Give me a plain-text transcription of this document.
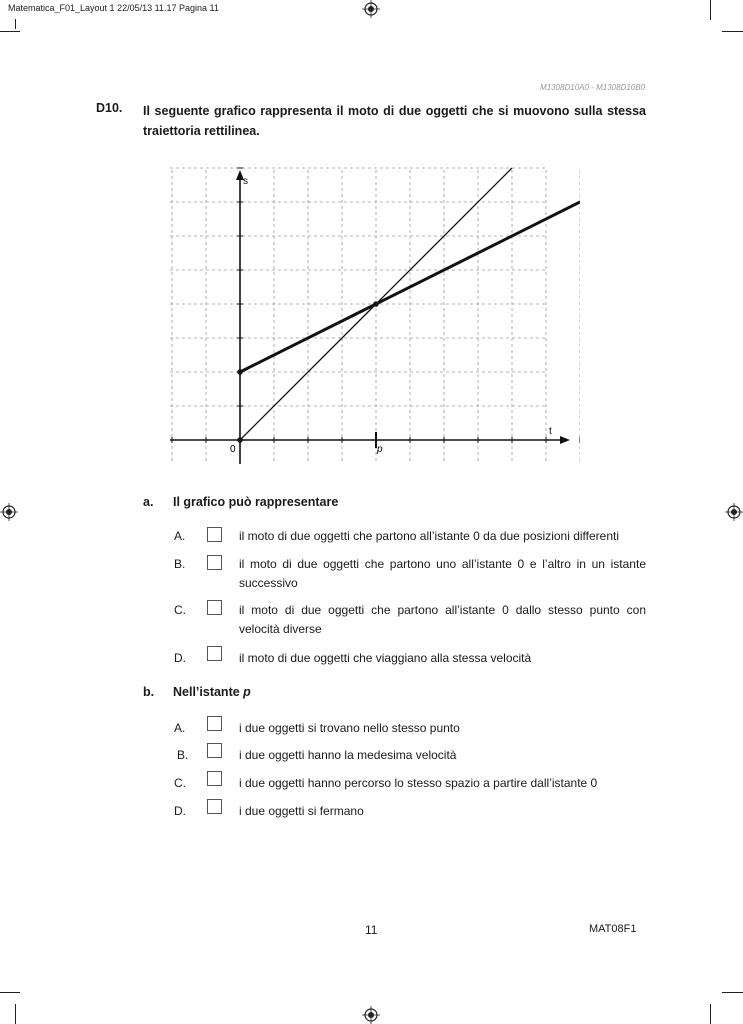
Matematica_F01_Layout 1 22/05/13 11.17 Pagina 11
M1308D10A0 - M1308D10B0
D10. Il seguente grafico rappresenta il moto di due oggetti che si muovono sulla stessa traiettoria rettilinea.
s
t
0	p
a. Il grafico può rappresentare
A.	il moto di due oggetti che partono all’istante 0 da due posizioni differenti
B.	il moto di due oggetti che partono uno all’istante 0 e l’altro in un istante successivo
C.	il moto di due oggetti che partono all’istante 0 dallo stesso punto con velocità diverse
D.	il moto di due oggetti che viaggiano alla stessa velocità
b. Nell’istante p
A.	i due oggetti si trovano nello stesso punto
B.	i due oggetti hanno la medesima velocità
C.	i due oggetti hanno percorso lo stesso spazio a partire dall’istante 0
D.	i due oggetti si fermano
11	MAT08F1
